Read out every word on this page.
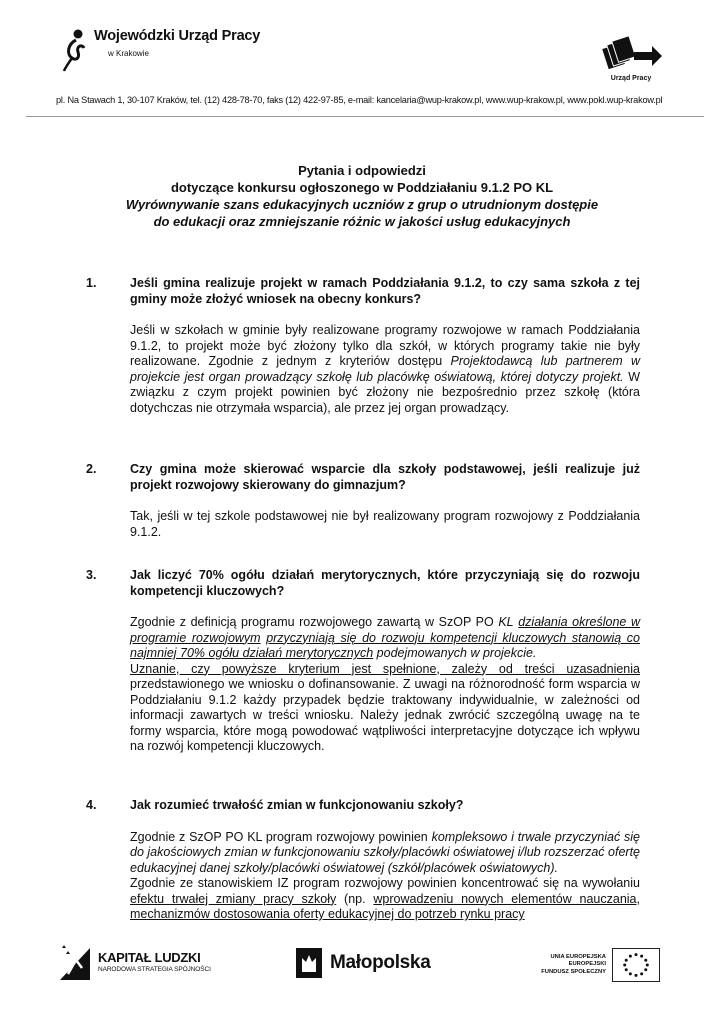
Wojewódzki Urząd Pracy
w Krakowie
Urząd Pracy
pl. Na Stawach 1, 30-107 Kraków, tel. (12) 428-78-70, faks (12) 422-97-85, e-mail: kancelaria@wup-krakow.pl, www.wup-krakow.pl, www.pokl.wup-krakow.pl
Pytania i odpowiedzi
dotyczące konkursu ogłoszonego w Poddziałaniu 9.1.2 PO KL
Wyrównywanie szans edukacyjnych uczniów z grup o utrudnionym dostępie
do edukacji oraz zmniejszanie różnic w jakości usług edukacyjnych
1.	Jeśli gmina realizuje projekt w ramach Poddziałania 9.1.2, to czy sama szkoła z tej gminy może złożyć wniosek na obecny konkurs?
Jeśli w szkołach w gminie były realizowane programy rozwojowe w ramach Poddziałania 9.1.2, to projekt może być złożony tylko dla szkół, w których programy takie nie były realizowane. Zgodnie z jednym z kryteriów dostępu Projektodawcą lub partnerem w projekcie jest organ prowadzący szkołę lub placówkę oświatową, której dotyczy projekt. W związku z czym projekt powinien być złożony nie bezpośrednio przez szkołę (która dotychczas nie otrzymała wsparcia), ale przez jej organ prowadzący.
2.	Czy gmina może skierować wsparcie dla szkoły podstawowej, jeśli realizuje już projekt rozwojowy skierowany do gimnazjum?
Tak, jeśli w tej szkole podstawowej nie był realizowany program rozwojowy z Poddziałania 9.1.2.
3.	Jak liczyć 70% ogółu działań merytorycznych, które przyczyniają się do rozwoju kompetencji kluczowych?

Zgodnie z definicją programu rozwojowego zawartą w SzOP PO KL działania określone w programie rozwojowym przyczyniają się do rozwoju kompetencji kluczowych stanowią co najmniej 70% ogółu działań merytorycznych podejmowanych w projekcie.

Uznanie, czy powyższe kryterium jest spełnione, zależy od treści uzasadnienia przedstawionego we wniosku o dofinansowanie. Z uwagi na różnorodność form wsparcia w Poddziałaniu 9.1.2 każdy przypadek będzie traktowany indywidualnie, w zależności od informacji zawartych w treści wniosku. Należy jednak zwrócić szczególną uwagę na te formy wsparcia, które mogą powodować wątpliwości interpretacyjne dotyczące ich wpływu na rozwój kompetencji kluczowych.

4.	Jak rozumieć trwałość zmian w funkcjonowaniu szkoły?

Zgodnie z SzOP PO KL program rozwojowy powinien kompleksowo i trwale przyczyniać się do jakościowych zmian w funkcjonowaniu szkoły/placówki oświatowej i/lub rozszerzać ofertę edukacyjnej danej szkoły/placówki oświatowej (szkół/placówek oświatowych).

Zgodnie ze stanowiskiem IZ program rozwojowy powinien koncentrować się na wywołaniu efektu trwałej zmiany pracy szkoły (np. wprowadzeniu nowych elementów nauczania, mechanizmów dostosowania oferty edukacyjnej do potrzeb rynku pracy

KAPITAŁ LUDZKI
NARODOWA STRATEGIA SPÓJNOŚCI	Małopolska	UNIA EUROPEJSKA
EUROPEJSKI
FUNDUSZ SPOŁECZNY
